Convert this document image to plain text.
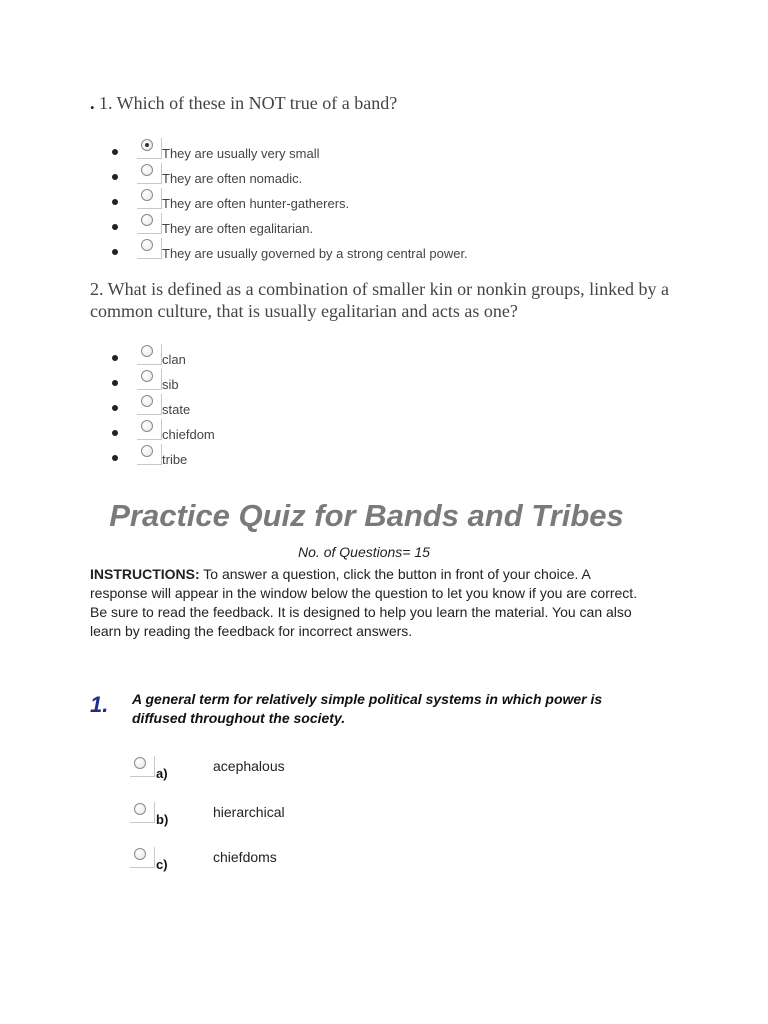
. 1. Which of these in NOT true of a band?

They are usually very small
They are often nomadic.
They are often hunter-gatherers.
They are often egalitarian.
They are usually governed by a strong central power.

2. What is defined as a combination of smaller kin or nonkin groups, linked by a common culture, that is usually egalitarian and acts as one?

clan
sib
state
chiefdom
tribe
Practice Quiz for Bands and Tribes
No. of Questions= 15

INSTRUCTIONS: To answer a question, click the button in front of your choice. A response will appear in the window below the question to let you know if you are correct. Be sure to read the feedback. It is designed to help you learn the material. You can also learn by reading the feedback for incorrect answers.

1. A general term for relatively simple political systems in which power is diffused throughout the society.

a)	acephalous
b)	hierarchical
c)	chiefdoms
